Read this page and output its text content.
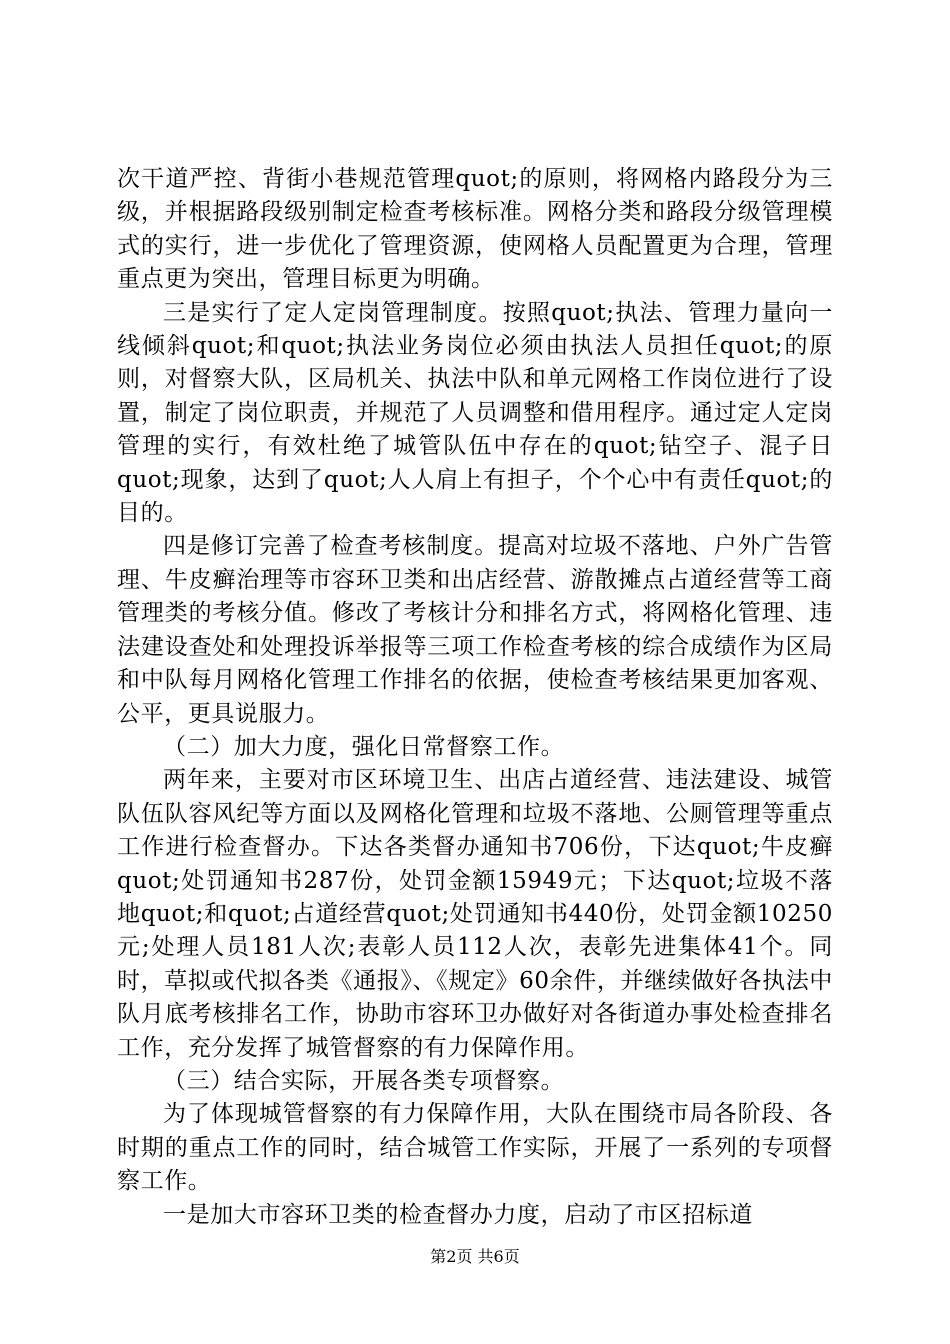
次干道严控、背街小巷规范管理quot;的原则，将网格内路段分为三级，并根据路段级别制定检查考核标准。网格分类和路段分级管理模式的实行，进一步优化了管理资源，使网格人员配置更为合理，管理重点更为突出，管理目标更为明确。

三是实行了定人定岗管理制度。按照quot;执法、管理力量向一线倾斜quot;和quot;执法业务岗位必须由执法人员担任quot;的原则，对督察大队，区局机关、执法中队和单元网格工作岗位进行了设置，制定了岗位职责，并规范了人员调整和借用程序。通过定人定岗管理的实行，有效杜绝了城管队伍中存在的quot;钻空子、混子日quot;现象，达到了quot;人人肩上有担子，个个心中有责任quot;的目的。

四是修订完善了检查考核制度。提高对垃圾不落地、户外广告管理、牛皮癣治理等市容环卫类和出店经营、游散摊点占道经营等工商管理类的考核分值。修改了考核计分和排名方式，将网格化管理、违法建设查处和处理投诉举报等三项工作检查考核的综合成绩作为区局和中队每月网格化管理工作排名的依据，使检查考核结果更加客观、公平，更具说服力。

（二）加大力度，强化日常督察工作。

两年来，主要对市区环境卫生、出店占道经营、违法建设、城管队伍队容风纪等方面以及网格化管理和垃圾不落地、公厕管理等重点工作进行检查督办。下达各类督办通知书706份，下达quot;牛皮癣quot;处罚通知书287份，处罚金额15949元；下达quot;垃圾不落地quot;和quot;占道经营quot;处罚通知书440份，处罚金额10250元;处理人员181人次;表彰人员112人次，表彰先进集体41个。同时，草拟或代拟各类《通报》、《规定》60余件，并继续做好各执法中队月底考核排名工作，协助市容环卫办做好对各街道办事处检查排名工作，充分发挥了城管督察的有力保障作用。

（三）结合实际，开展各类专项督察。

为了体现城管督察的有力保障作用，大队在围绕市局各阶段、各时期的重点工作的同时，结合城管工作实际，开展了一系列的专项督察工作。

一是加大市容环卫类的检查督办力度，启动了市区招标道

第2页 共6页
